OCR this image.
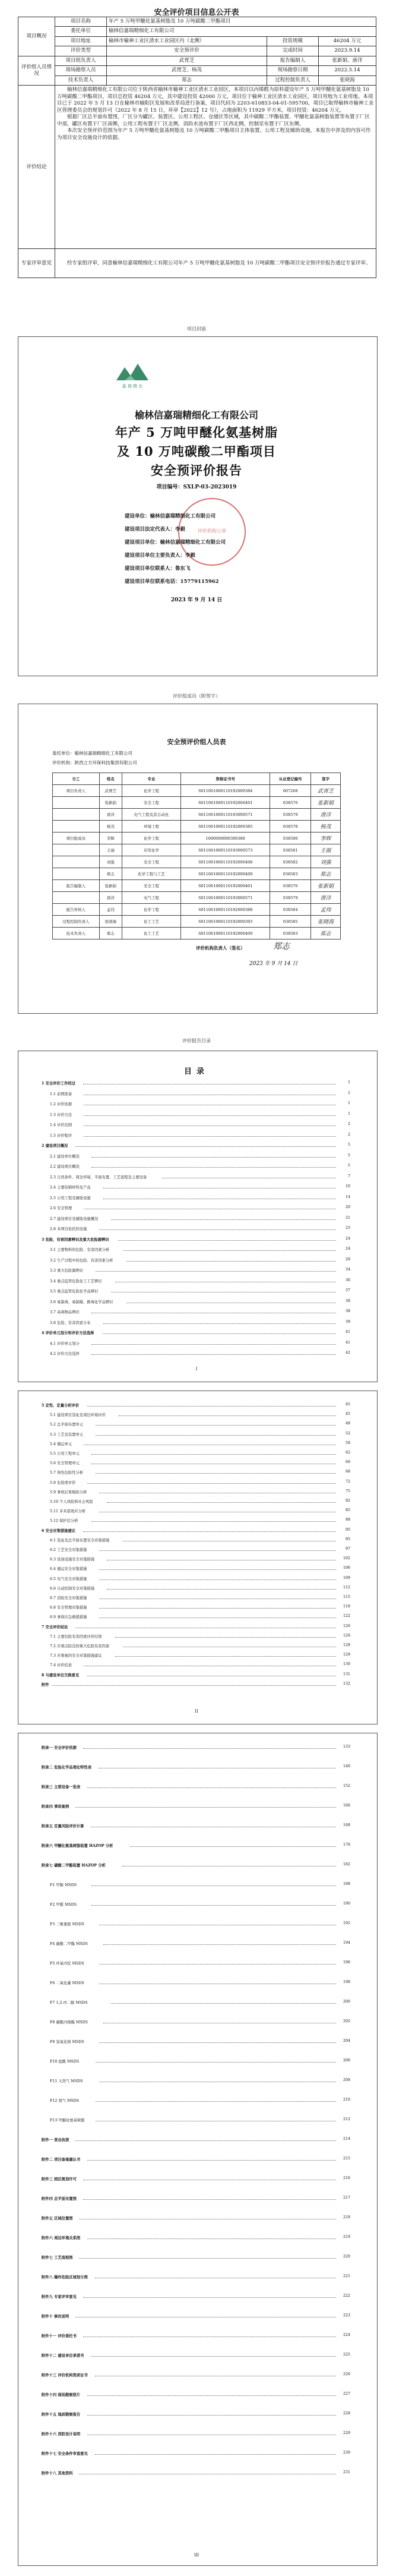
安全评价项目信息公开表
项目概况	项目名称	年产 5 万吨甲醚化氨基树脂及 10 万吨碳酸二甲酯项目		
	委托单位	榆林信嘉瑞精细化工有限公司		
	项目地址	榆林市榆神工业区清水工业园区内（北侧）	投资规模	46204 万元
	评价类型	安全预评价	完成时间	2023.9.14
评价组人员情况	项目组负责人	武胥芝	报告编制人	张新娟、唐洋
	现场勘察人员	武胥芝、杨茂	现场勘察日期	2022.5.14
	技术负责人	郑志	过程控制负责人	张晓海
评价结论	榆林信嘉瑞精细化工有限公司位于陕西省榆林市榆神工业区清水工业园区，本项目以丙烯醛为原料建设年产 5 万吨甲醚化氨基树脂及 10 万吨碳酸二甲酯项目，项目总投资 46204 万元，其中建设投资 42000 万元，项目位于榆神工业区清水工业园区，项目用地为工业用地。本项目已于 2022 年 5 月 13 日在榆林市榆阳区发展和改革局进行备案，项目代码为 2203-610853-04-01-595700，项目已取得榆林市榆神工业区管理委员会的规划许可（2022 年 8 月 15 日，环审【2022】12 号），占地面积为 11929 平方米，项目投资：46204 万元。

根据厂区总平面布置图，厂区分为罐区、装置区、公用工程区、仓储区等区域，其中碳酸二甲酯装置、甲醚化氨基树脂装置等布置于厂区中部，罐区布置于厂区南侧，公用工程布置于厂区北侧，消防水池布置于厂区西北侧，控制室布置于厂区东侧。

本次安全预评价范围为年产 5 万吨甲醚化氨基树脂及 10 万吨碳酸二甲酯项目主体装置、公用工程及辅助设施，本报告中涉及的内容可作为项目安全设施设计的依据。			

专家评审意见	经专家组评审，同意榆林信嘉瑞精细化工有限公司年产 5 万吨甲醚化氨基树脂及 10 万吨碳酸二甲酯项目安全预评价报告通过专家评审。			

项目封面
嘉 瑞 精 化
榆林信嘉瑞精细化工有限公司
年产 5 万吨甲醚化氨基树脂
及 10 万吨碳酸二甲酯项目
安全预评价报告
项目编号：SXLP-03-2023019
评价机构公章
建设单位：榆林信嘉瑞精细化工有限公司
建设项目法定代表人：李毅
建设项目单位：榆林信嘉瑞精细化工有限公司
建设项目单位主要负责人：李毅
建设项目单位联系人：鲁东飞
建设项目单位联系电话：15779115962
2023 年 9 月 14 日
评价组成员（附签字）
安全预评价组人员表
委托单位：榆林信嘉瑞精细化工有限公司
评价机构：陕西立方环保科技集团有限公司
分工	姓名	专业	资格证书号	从业登记编号	签字
项目负责人	武胥芝	化学工程	S011061000110192000384	007268	武胥芝
	张新娟	安全工程	S011061000110192000401	038576	张新娟
	唐洋	电气工程及其自动化	S011061000110193000571	038579	唐洋
	杨茂	环境工程	S011061000110192000385	038578	杨茂
项目组成员	李辉	化学工程	1600000000300380	038580	李辉
	王丽	应用化学	S011061000110193000573	038581	王丽
	刘强	安全工程	S011061000110192000408	038582	刘强
	郑志	化学工程与工艺	S011061000110192000409	038583	郑志
报告编制人	张新娟	安全工程	S011061000110192000401	038576	张新娟
	唐洋	电气工程	S011061000110193000571	038579	唐洋
报告审核人	孟伟	化学工程	S011061000110192000388	038584	孟伟
过程控制负责人	张晓海	化工工艺	S011061000110192000393	038585	张晓海
技术负责人	郑志	化工工艺	S011061000110192000409	038583	郑志
评价机构负责人（签名）	郑志
2023 年 9 月 14 日
评价报告目录
目录
1 安全评价工作经过	1
1.1 前期准备	1
1.2 评价依据	1
1.3 评价方法	1
1.4 评价范围	2
1.5 评价程序	2
2 建设项目概况	5
2.1 建设单位概况	5
2.2 建设项目概况	5
2.3 自然条件、周边环境、平面布置、工艺流程及主要设备	7
2.4 主要原辅材料及产品	10
2.5 公用工程及辅助设施	14
2.6 安全管理	20
2.7 建设项目及辅助设施概况	21
2.8 本项目依托的设施	23
3 危险、有害因素辨识及重大危险源辨识	24
3.1 主要物料的危险、有害因素分析	24
3.2 生产过程中的危险、有害因素分析	28
3.3 重大危险源辨识	34
3.4 重点监管危险化工工艺辨识	36
3.5 重点监管危险化学品辨识	37
3.6 易制毒、易制爆、剧毒化学品辨识	38
3.7 高毒物品辨识	38
3.8 危险、有害因素分布	39
4 评价单元划分和评价方法选择	41
4.1 评价单元划分	41
4.2 评价方法选择	42
I
5 定性、定量分析评价	45
5.1 建设项目选址及周边环境评价	45
5.2 总平面布置单元	48
5.3 工艺及装置单元	52
5.4 储运单元	58
5.5 公用工程单元	62
5.6 安全管理单元	66
5.7 预先危险性分析	68
5.8 危险度评价	72
5.9 事故后果模拟分析	75
5.10 个人风险和社会风险	82
5.11 多米诺效应分析	85
5.12 保护层分析	88
6 安全对策措施建议	95
6.1 选址及总平面布置安全对策措施	95
6.2 工艺安全对策措施	97
6.3 设备设施安全对策措施	102
6.4 储运安全对策措施	106
6.5 电气安全对策措施	109
6.6 自动控制安全对策措施	112
6.7 消防安全对策措施	115
6.8 安全管理对策措施	118
6.9 事故应急救援措施	122
7 安全评价结论	126
7.1 主要危险有害因素评价结果	126
7.2 应重点防范的重大危险有害因素	128
7.3 应重视的安全对策措施建议	129
7.4 评价结论	130
8 与建设单位交换意见	131
附件	132
II
附录一 安全评价依据	133
附录二 危险化学品理化特性表	140
附录三 主要设备一览表	152
附录四 事故案例	160
附录五 定量风险评价计算	168
附录六 甲醚化氨基树脂装置 HAZOP 分析	176
附录七 碳酸二甲酯装置 HAZOP 分析	182
F1 甲醇 MSDS	188
F2 甲醛 MSDS	190
F3 三聚氰胺 MSDS	192
F4 碳酸二甲酯 MSDS	194
F5 环氧丙烷 MSDS	196
F6 二氧化碳 MSDS	198
F7 1,2-丙二醇 MSDS	200
F8 碳酸丙烯酯 MSDS	202
F9 氢氧化钠 MSDS	204
F10 盐酸 MSDS	206
F11 天然气 MSDS	208
F12 氮气 MSDS	210
F13 甲醚化氨基树脂	212
附件一 营业执照	214
附件二 项目备案确认书	215
附件三 园区规划许可	216
附件四 总平面布置图	217
附件五 区域位置图	218
附件六 周边环境关系图	219
附件七 工艺流程图	220
附件八 爆炸危险区域划分图	221
附件九 专家评审意见	222
附件十 修改说明	223
附件十一 评价委托书	224
附件十二 建设单位承诺书	225
附件十三 评价机构资质证书	226
附件十四 现场勘察照片	227
附件十五 地质勘察报告	228
附件十六 消防设计说明	229
附件十七 安全条件审查意见	230
附件十八 其他资料	231
III
